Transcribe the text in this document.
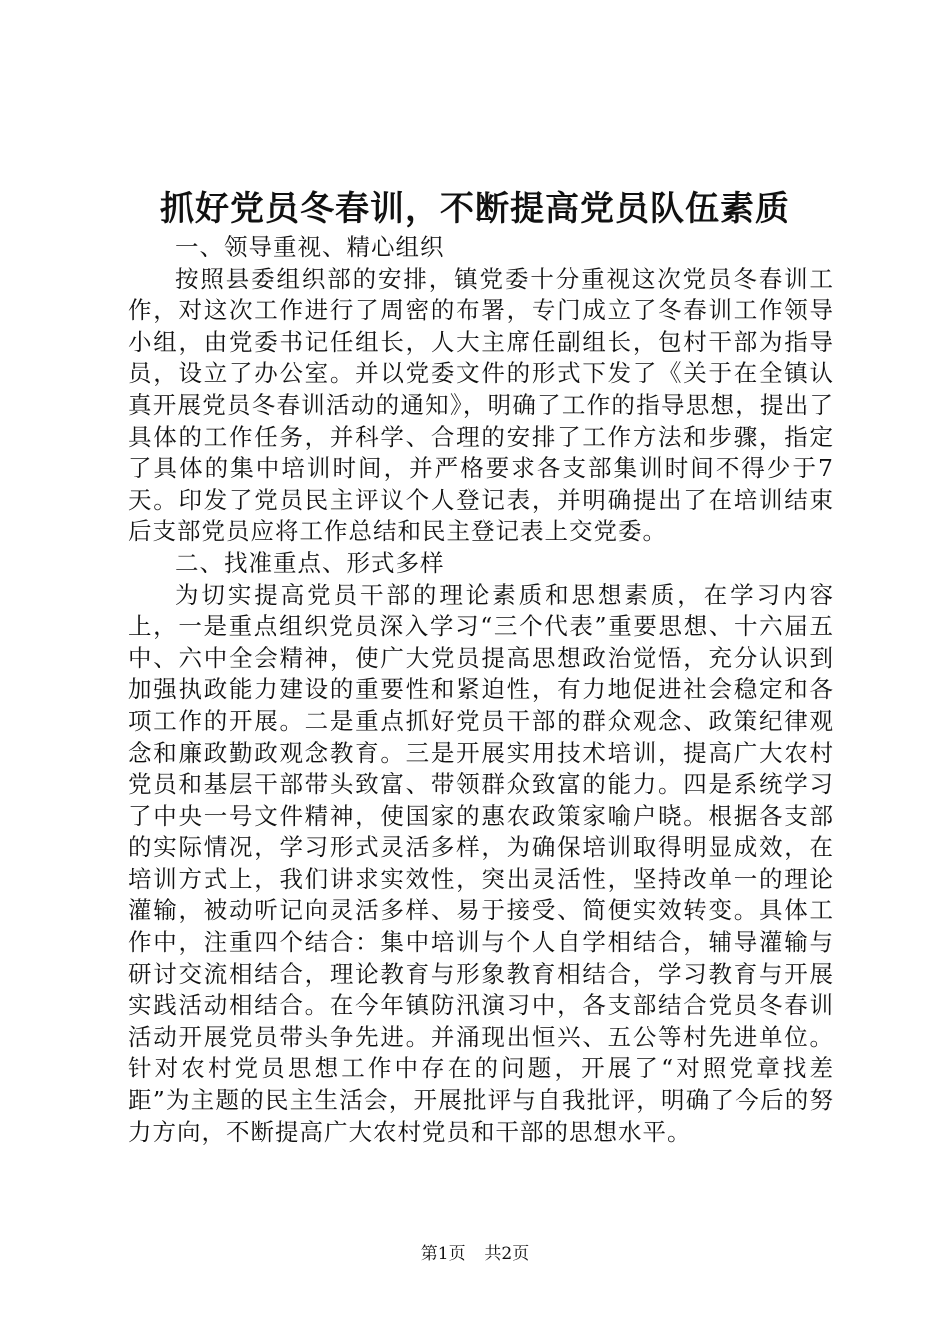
抓好党员冬春训，不断提高党员队伍素质

一、领导重视、精心组织

按照县委组织部的安排，镇党委十分重视这次党员冬春训工作，对这次工作进行了周密的布署，专门成立了冬春训工作领导小组，由党委书记任组长，人大主席任副组长，包村干部为指导员，设立了办公室。并以党委文件的形式下发了《关于在全镇认真开展党员冬春训活动的通知》，明确了工作的指导思想，提出了具体的工作任务，并科学、合理的安排了工作方法和步骤，指定了具体的集中培训时间，并严格要求各支部集训时间不得少于7天。印发了党员民主评议个人登记表，并明确提出了在培训结束后支部党员应将工作总结和民主登记表上交党委。

二、找准重点、形式多样

为切实提高党员干部的理论素质和思想素质，在学习内容上，一是重点组织党员深入学习“三个代表”重要思想、十六届五中、六中全会精神，使广大党员提高思想政治觉悟，充分认识到加强执政能力建设的重要性和紧迫性，有力地促进社会稳定和各项工作的开展。二是重点抓好党员干部的群众观念、政策纪律观念和廉政勤政观念教育。三是开展实用技术培训，提高广大农村党员和基层干部带头致富、带领群众致富的能力。四是系统学习了中央一号文件精神，使国家的惠农政策家喻户晓。根据各支部的实际情况，学习形式灵活多样，为确保培训取得明显成效，在培训方式上，我们讲求实效性，突出灵活性，坚持改单一的理论灌输，被动听记向灵活多样、易于接受、简便实效转变。具体工作中，注重四个结合：集中培训与个人自学相结合，辅导灌输与研讨交流相结合，理论教育与形象教育相结合，学习教育与开展实践活动相结合。在今年镇防汛演习中，各支部结合党员冬春训活动开展党员带头争先进。并涌现出恒兴、五公等村先进单位。针对农村党员思想工作中存在的问题，开展了“对照党章找差距”为主题的民主生活会，开展批评与自我批评，明确了今后的努力方向，不断提高广大农村党员和干部的思想水平。

第1页 共2页
